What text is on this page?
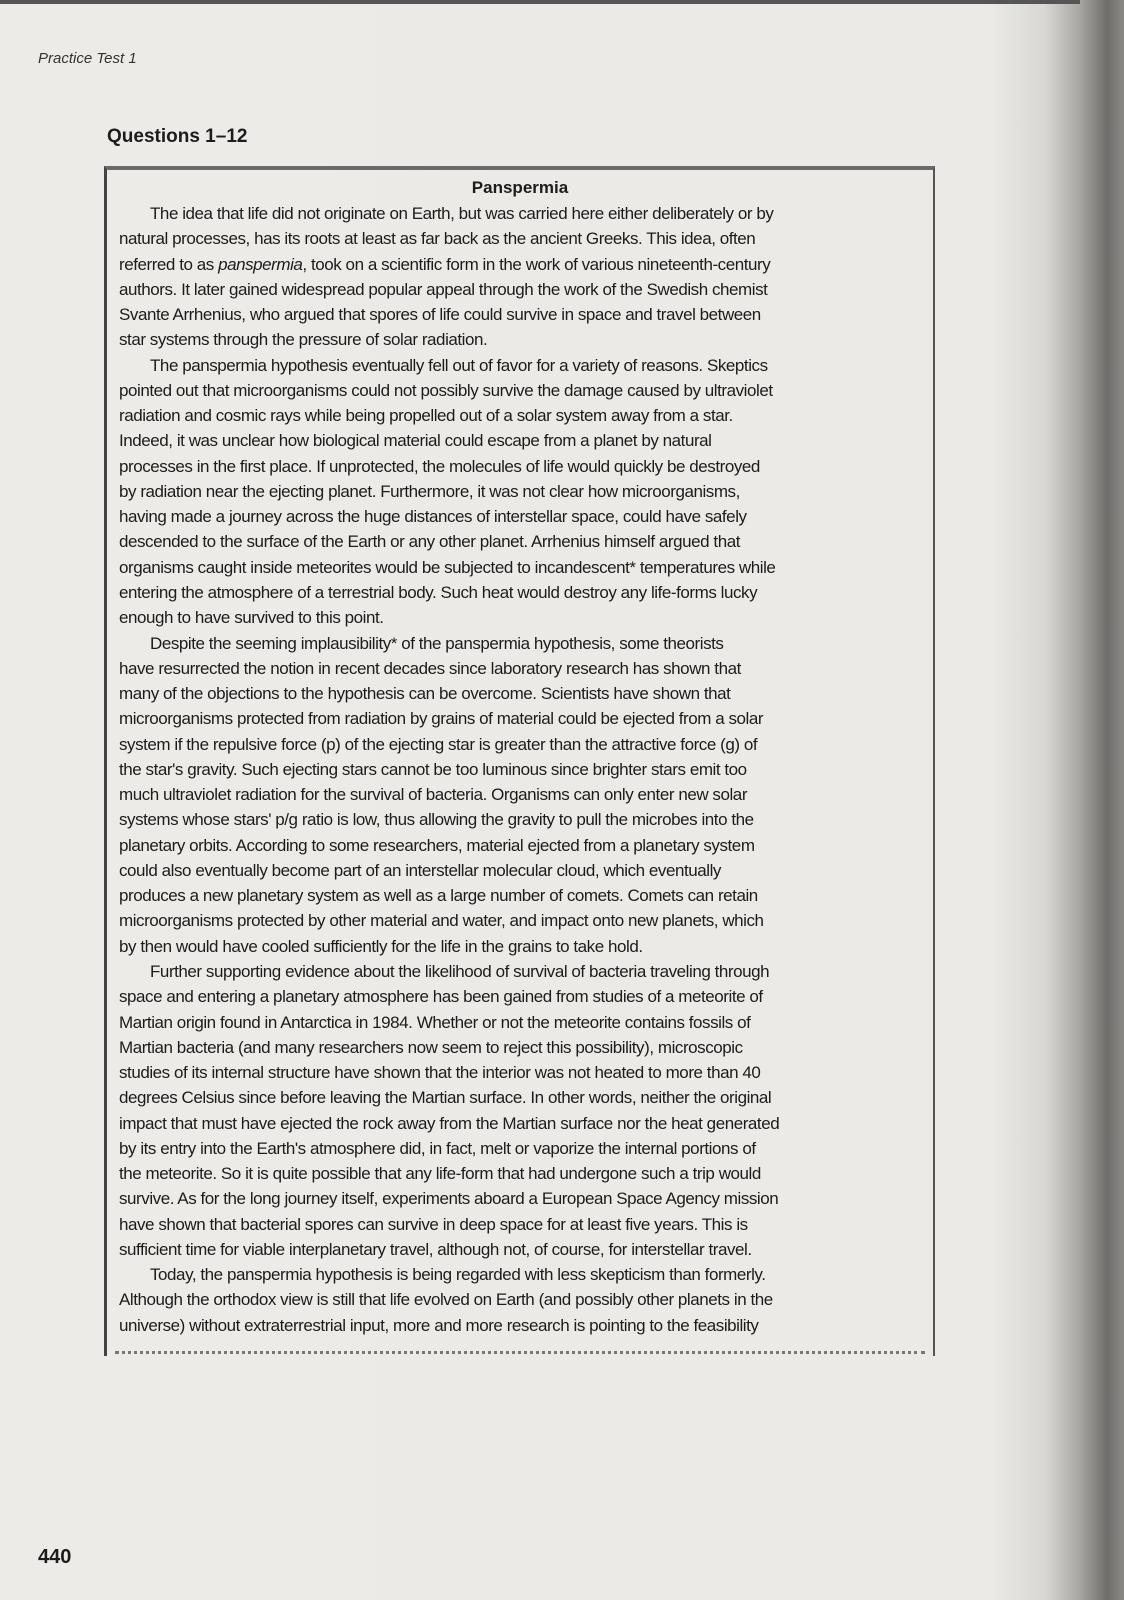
Practice Test 1
Questions 1–12
Panspermia
The idea that life did not originate on Earth, but was carried here either deliberately or by
natural processes, has its roots at least as far back as the ancient Greeks. This idea, often
referred to as panspermia, took on a scientific form in the work of various nineteenth-century
authors. It later gained widespread popular appeal through the work of the Swedish chemist
Svante Arrhenius, who argued that spores of life could survive in space and travel between
star systems through the pressure of solar radiation.
The panspermia hypothesis eventually fell out of favor for a variety of reasons. Skeptics
pointed out that microorganisms could not possibly survive the damage caused by ultraviolet
radiation and cosmic rays while being propelled out of a solar system away from a star.
Indeed, it was unclear how biological material could escape from a planet by natural
processes in the first place. If unprotected, the molecules of life would quickly be destroyed
by radiation near the ejecting planet. Furthermore, it was not clear how microorganisms,
having made a journey across the huge distances of interstellar space, could have safely
descended to the surface of the Earth or any other planet. Arrhenius himself argued that
organisms caught inside meteorites would be subjected to incandescent* temperatures while
entering the atmosphere of a terrestrial body. Such heat would destroy any life-forms lucky
enough to have survived to this point.
Despite the seeming implausibility* of the panspermia hypothesis, some theorists
have resurrected the notion in recent decades since laboratory research has shown that
many of the objections to the hypothesis can be overcome. Scientists have shown that
microorganisms protected from radiation by grains of material could be ejected from a solar
system if the repulsive force (p) of the ejecting star is greater than the attractive force (g) of
the star's gravity. Such ejecting stars cannot be too luminous since brighter stars emit too
much ultraviolet radiation for the survival of bacteria. Organisms can only enter new solar
systems whose stars' p/g ratio is low, thus allowing the gravity to pull the microbes into the
planetary orbits. According to some researchers, material ejected from a planetary system
could also eventually become part of an interstellar molecular cloud, which eventually
produces a new planetary system as well as a large number of comets. Comets can retain
microorganisms protected by other material and water, and impact onto new planets, which
by then would have cooled sufficiently for the life in the grains to take hold.
Further supporting evidence about the likelihood of survival of bacteria traveling through
space and entering a planetary atmosphere has been gained from studies of a meteorite of
Martian origin found in Antarctica in 1984. Whether or not the meteorite contains fossils of
Martian bacteria (and many researchers now seem to reject this possibility), microscopic
studies of its internal structure have shown that the interior was not heated to more than 40
degrees Celsius since before leaving the Martian surface. In other words, neither the original
impact that must have ejected the rock away from the Martian surface nor the heat generated
by its entry into the Earth's atmosphere did, in fact, melt or vaporize the internal portions of
the meteorite. So it is quite possible that any life-form that had undergone such a trip would
survive. As for the long journey itself, experiments aboard a European Space Agency mission
have shown that bacterial spores can survive in deep space for at least five years. This is
sufficient time for viable interplanetary travel, although not, of course, for interstellar travel.
Today, the panspermia hypothesis is being regarded with less skepticism than formerly.
Although the orthodox view is still that life evolved on Earth (and possibly other planets in the
universe) without extraterrestrial input, more and more research is pointing to the feasibility
440
